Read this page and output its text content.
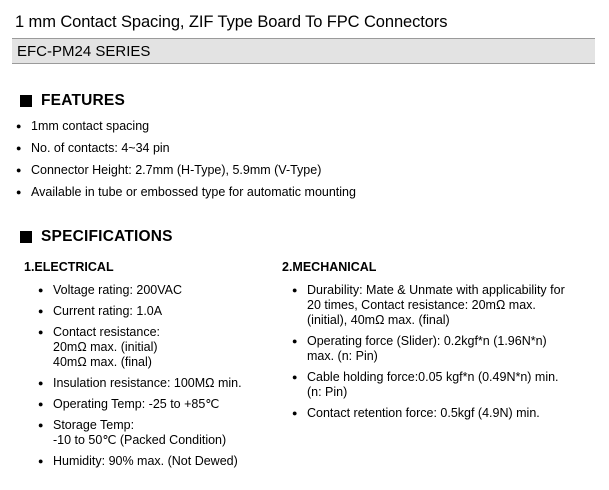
1 mm Contact Spacing, ZIF Type Board To FPC Connectors
EFC-PM24 SERIES
FEATURES
● 1mm contact spacing
● No. of contacts: 4~34 pin
● Connector Height: 2.7mm (H-Type), 5.9mm (V-Type)
● Available in tube or embossed type for automatic mounting
SPECIFICATIONS
1.ELECTRICAL
● Voltage rating: 200VAC
● Current rating: 1.0A
● Contact resistance:
20mΩ max. (initial)
40mΩ max. (final)
● Insulation resistance: 100MΩ min.
● Operating Temp: -25 to +85℃
● Storage Temp:
-10 to 50℃ (Packed Condition)
● Humidity: 90% max. (Not Dewed)
2.MECHANICAL
● Durability: Mate & Unmate with applicability for
20 times, Contact resistance: 20mΩ max.
(initial), 40mΩ max. (final)
● Operating force (Slider): 0.2kgf*n (1.96N*n)
max. (n: Pin)
● Cable holding force:0.05 kgf*n (0.49N*n) min.
(n: Pin)
● Contact retention force: 0.5kgf (4.9N) min.
